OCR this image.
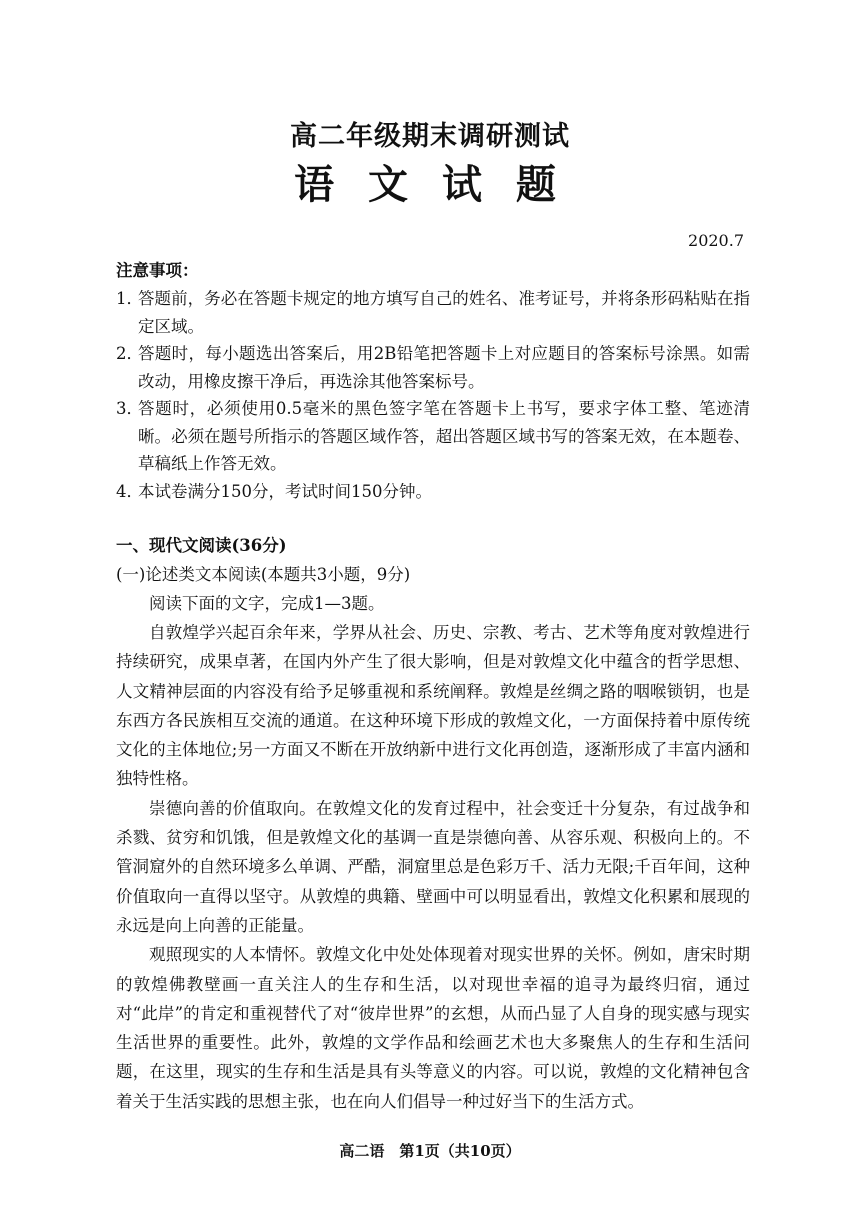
高二年级期末调研测试
语 文 试 题
2020.7
注意事项：
1．
答题前，务必在答题卡规定的地方填写自己的姓名、准考证号，并将条形码粘贴在指定区域。
2．
答题时，每小题选出答案后，用2B铅笔把答题卡上对应题目的答案标号涂黑。如需改动，用橡皮擦干净后，再选涂其他答案标号。
3．
答题时，必须使用0.5毫米的黑色签字笔在答题卡上书写，要求字体工整、笔迹清晰。必须在题号所指示的答题区域作答，超出答题区域书写的答案无效，在本题卷、草稿纸上作答无效。
4．
本试卷满分150分，考试时间150分钟。
一、现代文阅读(36分)
(一)论述类文本阅读(本题共3小题，9分)
阅读下面的文字，完成1—3题。

自敦煌学兴起百余年来，学界从社会、历史、宗教、考古、艺术等角度对敦煌进行持续研究，成果卓著，在国内外产生了很大影响，但是对敦煌文化中蕴含的哲学思想、人文精神层面的内容没有给予足够重视和系统阐释。敦煌是丝绸之路的咽喉锁钥，也是东西方各民族相互交流的通道。在这种环境下形成的敦煌文化，一方面保持着中原传统文化的主体地位;另一方面又不断在开放纳新中进行文化再创造，逐渐形成了丰富内涵和独特性格。

崇德向善的价值取向。在敦煌文化的发育过程中，社会变迁十分复杂，有过战争和杀戮、贫穷和饥饿，但是敦煌文化的基调一直是崇德向善、从容乐观、积极向上的。不管洞窟外的自然环境多么单调、严酷，洞窟里总是色彩万千、活力无限;千百年间，这种价值取向一直得以坚守。从敦煌的典籍、壁画中可以明显看出，敦煌文化积累和展现的永远是向上向善的正能量。

观照现实的人本情怀。敦煌文化中处处体现着对现实世界的关怀。例如，唐宋时期的敦煌佛教壁画一直关注人的生存和生活，以对现世幸福的追寻为最终归宿，通过对“此岸”的肯定和重视替代了对“彼岸世界”的玄想，从而凸显了人自身的现实感与现实生活世界的重要性。此外，敦煌的文学作品和绘画艺术也大多聚焦人的生存和生活问题，在这里，现实的生存和生活是具有头等意义的内容。可以说，敦煌的文化精神包含着关于生活实践的思想主张，也在向人们倡导一种过好当下的生活方式。

高二语　第1页（共10页）
